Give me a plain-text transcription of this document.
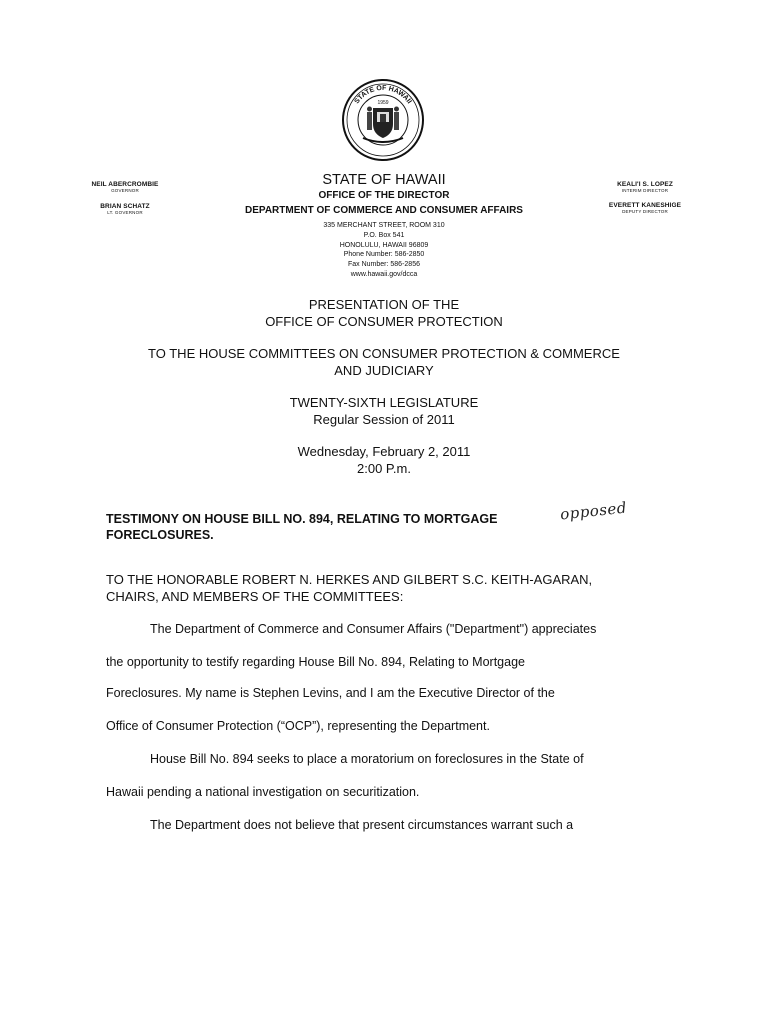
STATE OF HAWAII
1959
NEIL ABERCROMBIE
GOVERNOR
BRIAN SCHATZ
LT. GOVERNOR
KEALI'I S. LOPEZ
INTERIM DIRECTOR
EVERETT KANESHIGE
DEPUTY DIRECTOR
STATE OF HAWAII
OFFICE OF THE DIRECTOR
DEPARTMENT OF COMMERCE AND CONSUMER AFFAIRS
335 MERCHANT STREET, ROOM 310
P.O. Box 541
HONOLULU, HAWAII 96809
Phone Number: 586-2850
Fax Number: 586-2856
www.hawaii.gov/dcca
PRESENTATION OF THE
OFFICE OF CONSUMER PROTECTION
TO THE HOUSE COMMITTEES ON CONSUMER PROTECTION & COMMERCE
AND JUDICIARY
TWENTY-SIXTH LEGISLATURE
Regular Session of 2011
Wednesday, February 2, 2011
2:00 P.m.
TESTIMONY ON HOUSE BILL NO. 894, RELATING TO MORTGAGE
FORECLOSURES.
opposed
TO THE HONORABLE ROBERT N. HERKES AND GILBERT S.C. KEITH-AGARAN,
CHAIRS, AND MEMBERS OF THE COMMITTEES:
The Department of Commerce and Consumer Affairs ("Department") appreciates
the opportunity to testify regarding House Bill No. 894, Relating to Mortgage
Foreclosures. My name is Stephen Levins, and I am the Executive Director of the
Office of Consumer Protection (“OCP”), representing the Department.
House Bill No. 894 seeks to place a moratorium on foreclosures in the State of
Hawaii pending a national investigation on securitization.
The Department does not believe that present circumstances warrant such a
